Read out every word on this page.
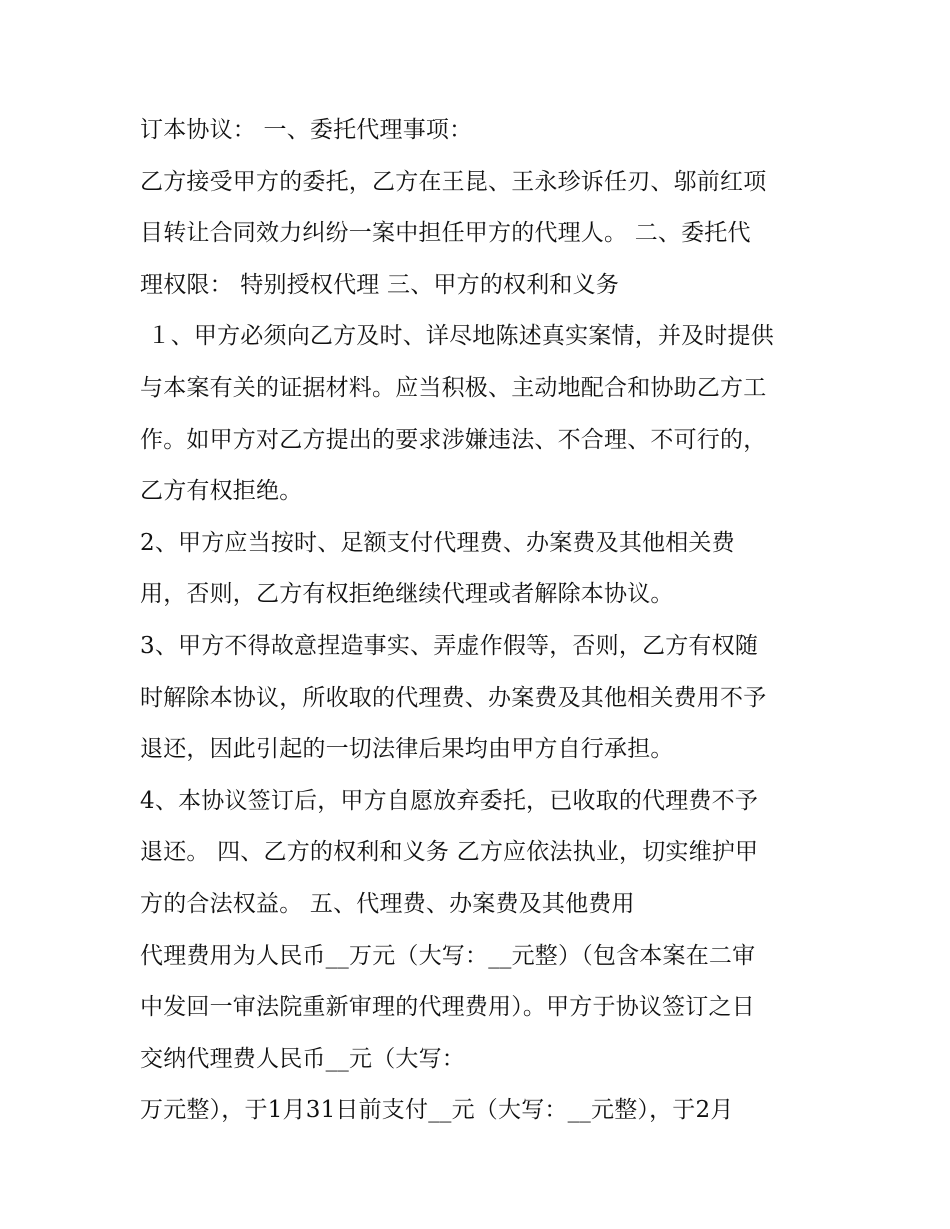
订本协议： 一、委托代理事项：
乙方接受甲方的委托，乙方在王昆、王永珍诉任刃、邬前红项
目转让合同效力纠纷一案中担任甲方的代理人。 二、委托代
理权限： 特别授权代理 三、甲方的权利和义务
１、甲方必须向乙方及时、详尽地陈述真实案情，并及时提供
与本案有关的证据材料。应当积极、主动地配合和协助乙方工
作。如甲方对乙方提出的要求涉嫌违法、不合理、不可行的，
乙方有权拒绝。
2、甲方应当按时、足额支付代理费、办案费及其他相关费
用，否则，乙方有权拒绝继续代理或者解除本协议。
3、甲方不得故意捏造事实、弄虚作假等，否则，乙方有权随
时解除本协议，所收取的代理费、办案费及其他相关费用不予
退还，因此引起的一切法律后果均由甲方自行承担。
4、本协议签订后，甲方自愿放弃委托，已收取的代理费不予
退还。 四、乙方的权利和义务 乙方应依法执业，切实维护甲
方的合法权益。 五、代理费、办案费及其他费用
代理费用为人民币__万元（大写：__元整）（包含本案在二审
中发回一审法院重新审理的代理费用）。甲方于协议签订之日
交纳代理费人民币__元（大写：
万元整），于1月31日前支付__元（大写：__元整），于2月
